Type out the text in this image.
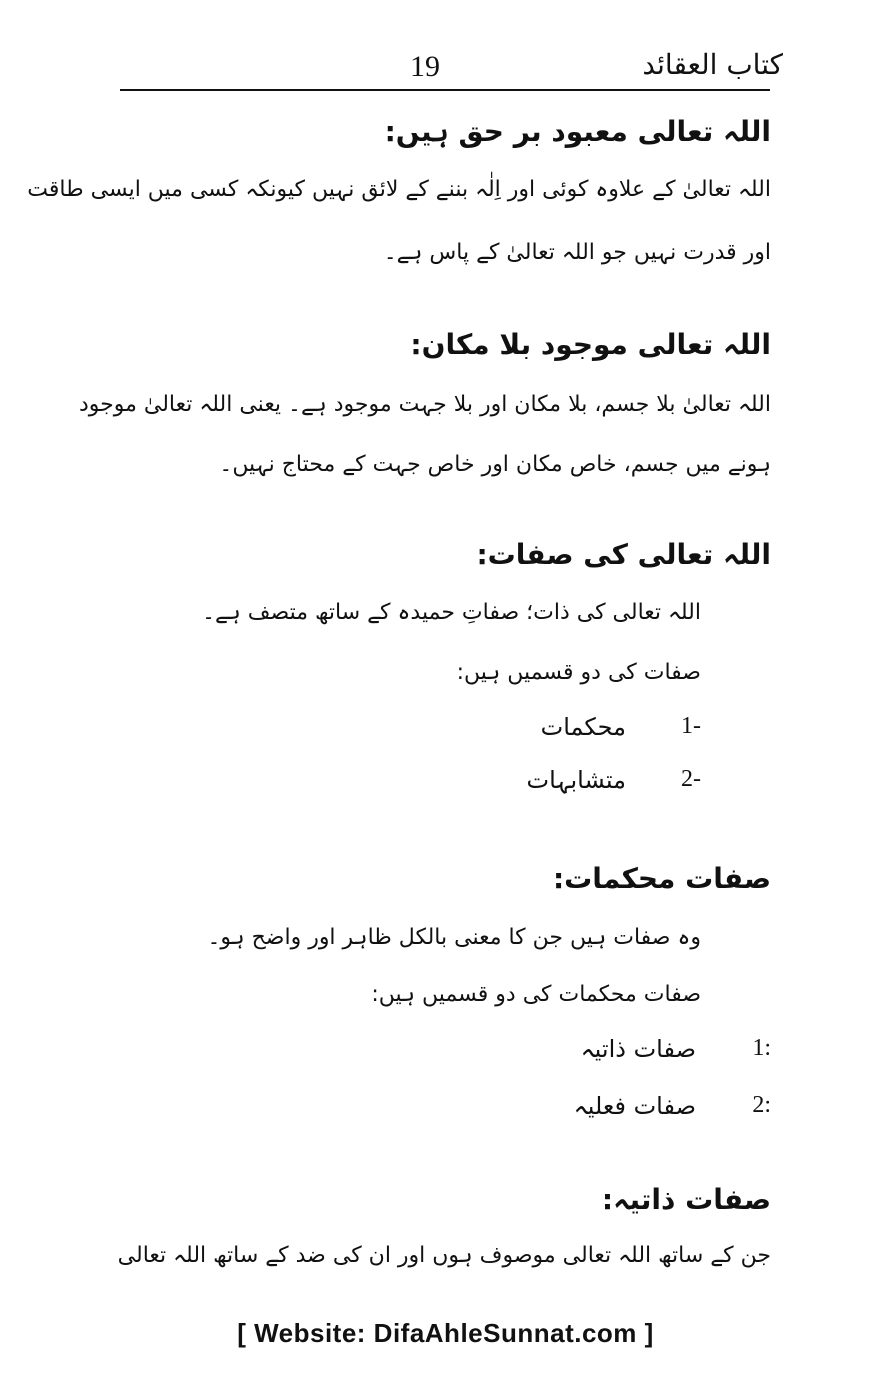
کتاب العقائد
19
اللہ تعالی معبود بر حق ہیں:
اللہ تعالیٰ کے علاوہ کوئی اور اِلٰہ بننے کے لائق نہیں کیونکہ کسی میں ایسی طاقت
اور قدرت نہیں جو اللہ تعالیٰ کے پاس ہے۔
اللہ تعالی موجود بلا مکان:
اللہ تعالیٰ بلا جسم، بلا مکان اور بلا جہت موجود ہے۔ یعنی اللہ تعالیٰ موجود
ہونے میں جسم، خاص مکان اور خاص جہت کے محتاج نہیں۔
اللہ تعالی کی صفات:
اللہ تعالی کی ذات؛ صفاتِ حمیدہ کے ساتھ متصف ہے۔
صفات کی دو قسمیں ہیں:
محکمات 1-
متشابہات 2-
صفات محکمات:
وہ صفات ہیں جن کا معنی بالکل ظاہر اور واضح ہو۔
صفات محکمات کی دو قسمیں ہیں:
صفات ذاتیہ 1:
صفات فعلیہ 2:
صفات ذاتیہ:
جن کے ساتھ اللہ تعالی موصوف ہوں اور ان کی ضد کے ساتھ اللہ تعالی
[ Website: DifaAhleSunnat.com ]
